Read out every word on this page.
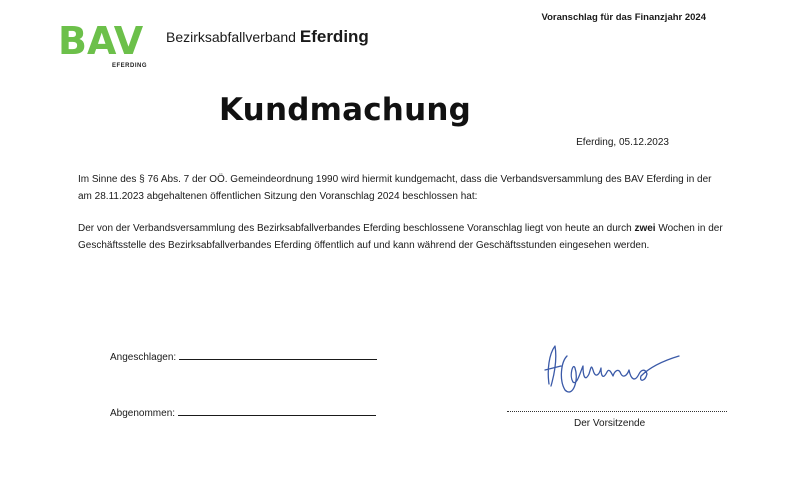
BAV
EFERDING
Bezirksabfallverband Eferding
Voranschlag für das Finanzjahr 2024
Kundmachung
Eferding, 05.12.2023
Im Sinne des § 76 Abs. 7 der OÖ. Gemeindeordnung 1990 wird hiermit kundgemacht, dass die Verbandsversammlung des BAV Eferding in der am 28.11.2023 abgehaltenen öffentlichen Sitzung den Voranschlag 2024 beschlossen hat:
Der von der Verbandsversammlung des Bezirksabfallverbandes Eferding beschlossene Voranschlag liegt von heute an durch zwei Wochen in der Geschäftsstelle des Bezirksabfallverbandes Eferding öffentlich auf und kann während der Geschäftsstunden eingesehen werden.
Angeschlagen:
Abgenommen:
Der Vorsitzende
